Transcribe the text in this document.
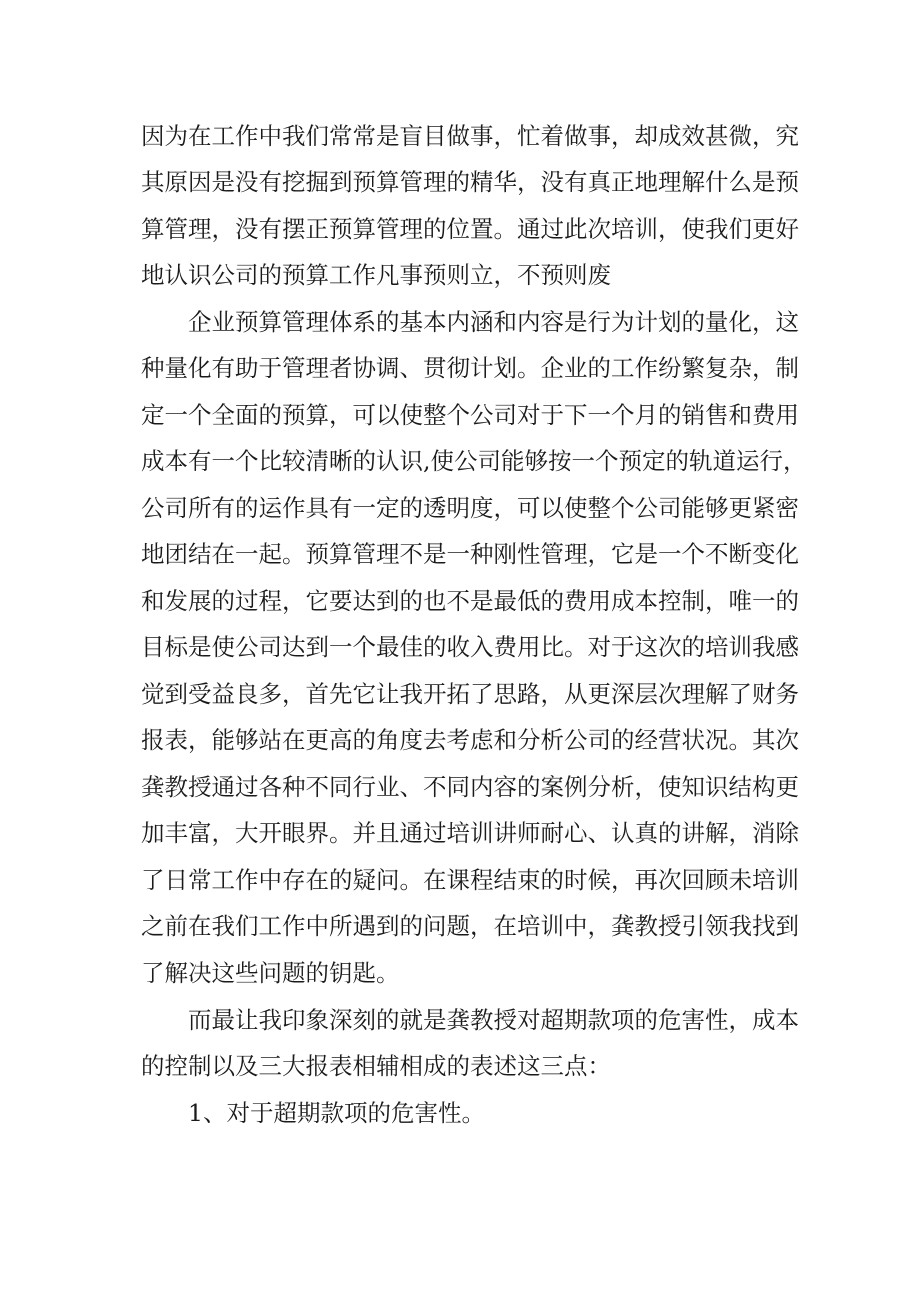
因为在工作中我们常常是盲目做事，忙着做事，却成效甚微，究
其原因是没有挖掘到预算管理的精华，没有真正地理解什么是预
算管理，没有摆正预算管理的位置。通过此次培训，使我们更好
地认识公司的预算工作凡事预则立，不预则废
企业预算管理体系的基本内涵和内容是行为计划的量化，这
种量化有助于管理者协调、贯彻计划。企业的工作纷繁复杂，制
定一个全面的预算，可以使整个公司对于下一个月的销售和费用
成本有一个比较清晰的认识,使公司能够按一个预定的轨道运行，
公司所有的运作具有一定的透明度，可以使整个公司能够更紧密
地团结在一起。预算管理不是一种刚性管理，它是一个不断变化
和发展的过程，它要达到的也不是最低的费用成本控制，唯一的
目标是使公司达到一个最佳的收入费用比。对于这次的培训我感
觉到受益良多，首先它让我开拓了思路，从更深层次理解了财务
报表，能够站在更高的角度去考虑和分析公司的经营状况。其次
龚教授通过各种不同行业、不同内容的案例分析，使知识结构更
加丰富，大开眼界。并且通过培训讲师耐心、认真的讲解，消除
了日常工作中存在的疑问。在课程结束的时候，再次回顾未培训
之前在我们工作中所遇到的问题，在培训中，龚教授引领我找到
了解决这些问题的钥匙。
而最让我印象深刻的就是龚教授对超期款项的危害性，成本
的控制以及三大报表相辅相成的表述这三点：
1、对于超期款项的危害性。
